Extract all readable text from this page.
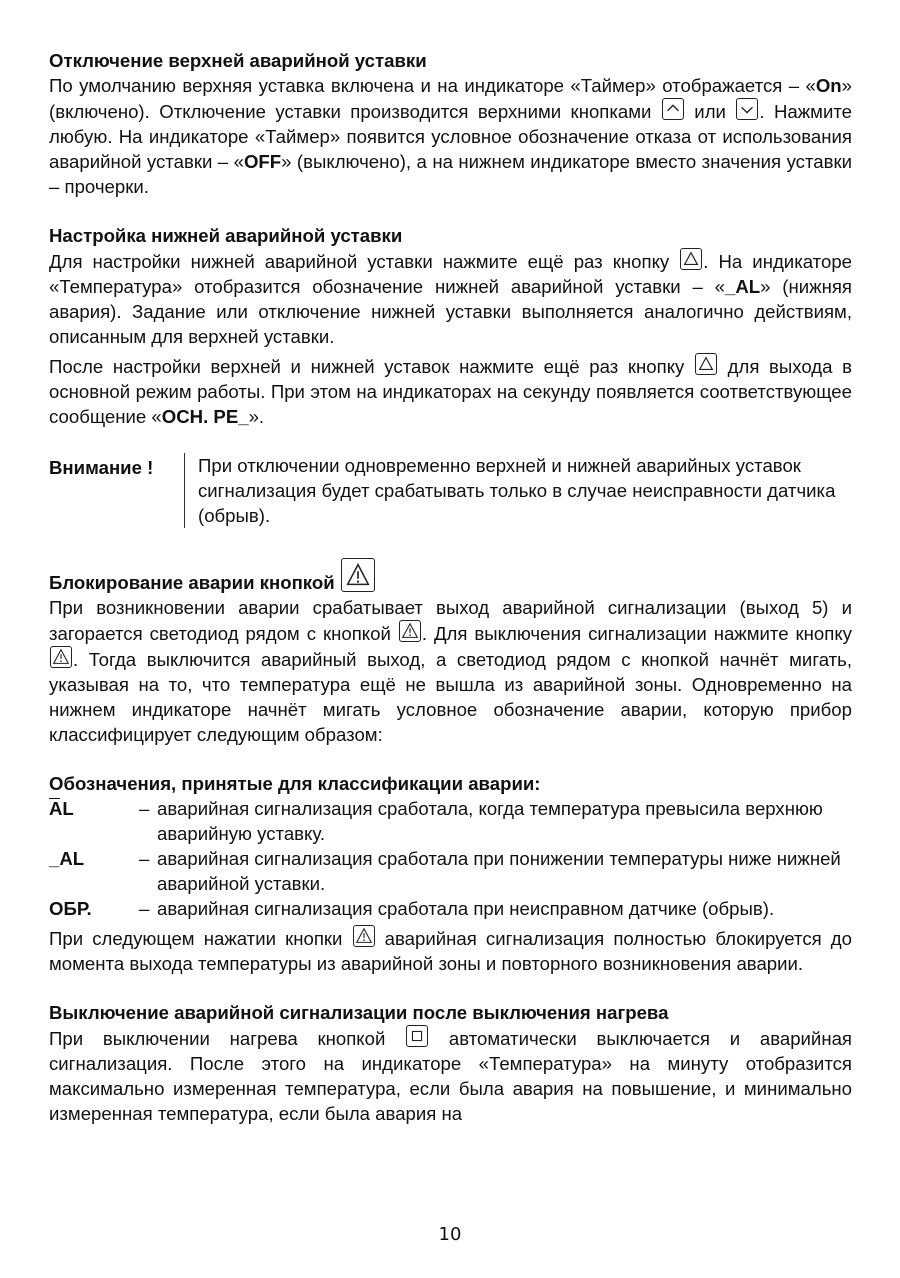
Отключение верхней аварийной уставки

По умолчанию верхняя уставка включена и на индикаторе «Таймер» отображается – «On» (включено). Отключение уставки производится верхними кнопками
или
. Нажмите любую. На индикаторе «Таймер» появится условное обозначение отказа от использования аварийной уставки – «OFF» (выключено), а на нижнем индикаторе вместо значения уставки – прочерки.

Настройка нижней аварийной уставки

Для настройки нижней аварийной уставки нажмите ещё раз кнопку
. На индикаторе «Температура» отобразится обозначение нижней аварийной уставки – «_AL» (нижняя авария). Задание или отключение нижней уставки выполняется аналогично действиям, описанным для верхней уставки.

После настройки верхней и нижней уставок нажмите ещё раз кнопку
для выхода в основной режим работы. При этом на индикаторах на секунду появляется соответствующее сообщение «OCH. PE_».

Внимание !	При отключении одновременно верхней и нижней аварийных уставок сигнализация будет срабатывать только в случае неисправности датчика (обрыв).

Блокирование аварии кнопкой

При возникновении аварии срабатывает выход аварийной сигнализации (выход 5) и загорается светодиод рядом с кнопкой
. Для выключения сигнализации нажмите кнопку
. Тогда выключится аварийный выход, а светодиод рядом с кнопкой начнёт мигать, указывая на то, что температура ещё не вышла из аварийной зоны. Одновременно на нижнем индикаторе начнёт мигать условное обозначение аварии, которую прибор классифицирует следующим образом:

Обозначения, принятые для классификации аварии:

AL	– аварийная сигнализация сработала, когда температура превысила верхнюю аварийную уставку.
_AL	– аварийная сигнализация сработала при понижении температуры ниже нижней аварийной уставки.
ОБР.	– аварийная сигнализация сработала при неисправном датчике (обрыв).

При следующем нажатии кнопки
аварийная сигнализация полностью блокируется до момента выхода температуры из аварийной зоны и повторного возникновения аварии.

Выключение аварийной сигнализации после выключения нагрева

При выключении нагрева кнопкой
автоматически выключается и аварийная сигнализация. После этого на индикаторе «Температура» на минуту отобразится максимально измеренная температура, если была авария на повышение, и минимально измеренная температура, если была авария на

10
